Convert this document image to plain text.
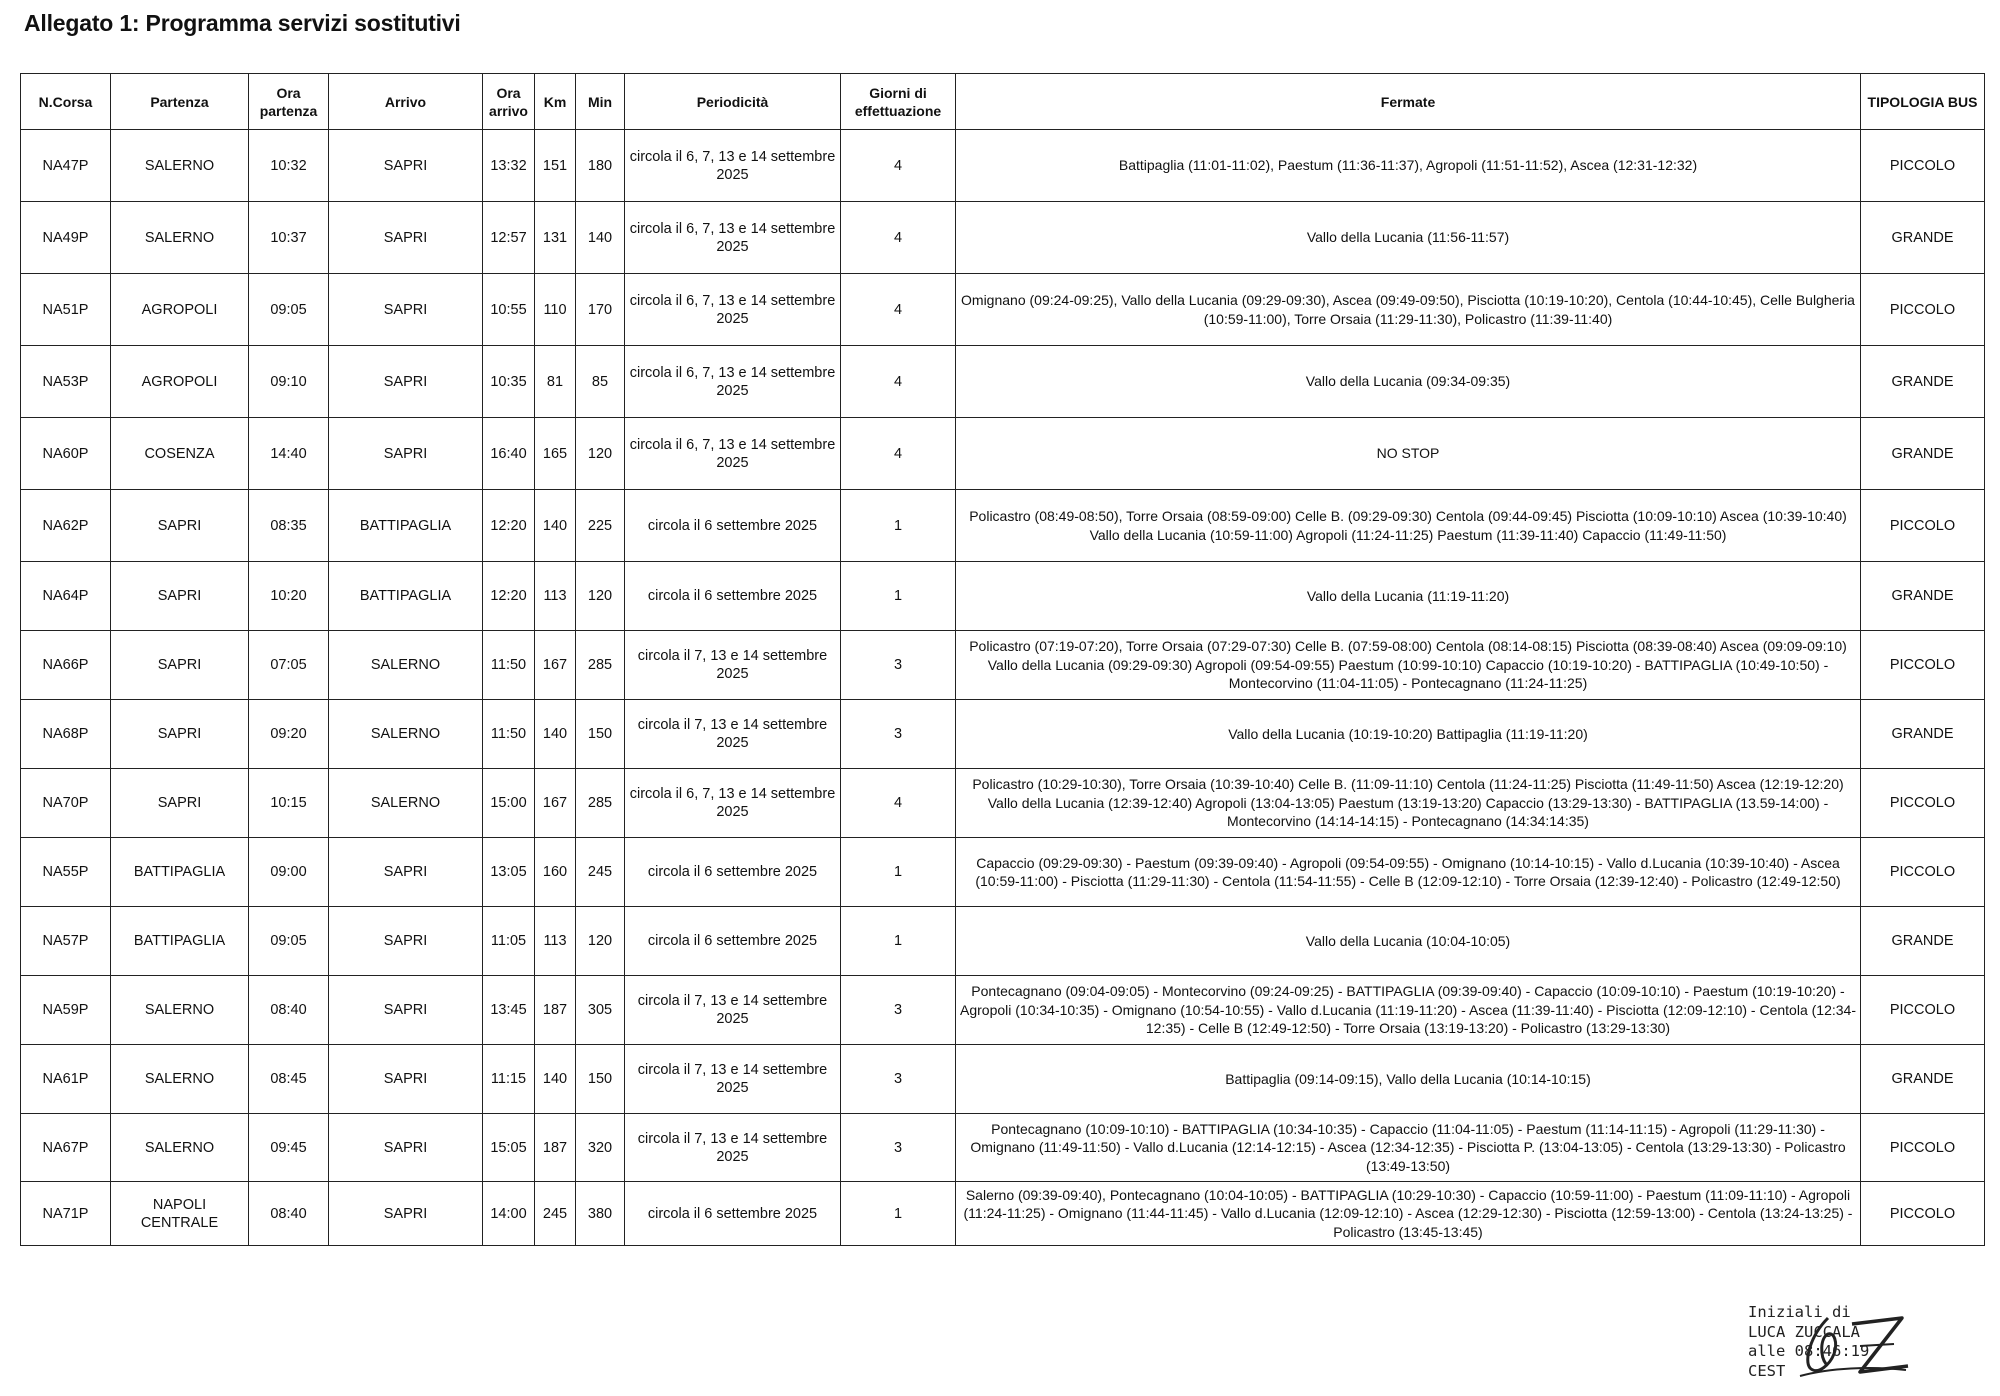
Allegato 1: Programma servizi sostitutivi
N.Corsa	Partenza	Ora partenza	Arrivo	Ora arrivo	Km	Min	Periodicità	Giorni di effettuazione	Fermate	TIPOLOGIA BUS
NA47P	SALERNO	10:32	SAPRI	13:32	151	180	circola il 6, 7, 13 e 14 settembre 2025	4	Battipaglia (11:01-11:02), Paestum (11:36-11:37), Agropoli (11:51-11:52), Ascea (12:31-12:32)	PICCOLO
NA49P	SALERNO	10:37	SAPRI	12:57	131	140	circola il 6, 7, 13 e 14 settembre 2025	4	Vallo della Lucania (11:56-11:57)	GRANDE
NA51P	AGROPOLI	09:05	SAPRI	10:55	110	170	circola il 6, 7, 13 e 14 settembre 2025	4	Omignano (09:24-09:25), Vallo della Lucania (09:29-09:30), Ascea (09:49-09:50), Pisciotta (10:19-10:20), Centola (10:44-10:45), Celle Bulgheria (10:59-11:00), Torre Orsaia (11:29-11:30), Policastro (11:39-11:40)	PICCOLO
NA53P	AGROPOLI	09:10	SAPRI	10:35	81	85	circola il 6, 7, 13 e 14 settembre 2025	4	Vallo della Lucania (09:34-09:35)	GRANDE
NA60P	COSENZA	14:40	SAPRI	16:40	165	120	circola il 6, 7, 13 e 14 settembre 2025	4	NO STOP	GRANDE
NA62P	SAPRI	08:35	BATTIPAGLIA	12:20	140	225	circola il 6 settembre 2025	1	Policastro (08:49-08:50), Torre Orsaia (08:59-09:00) Celle B. (09:29-09:30) Centola (09:44-09:45) Pisciotta (10:09-10:10) Ascea (10:39-10:40) Vallo della Lucania (10:59-11:00) Agropoli (11:24-11:25) Paestum (11:39-11:40) Capaccio (11:49-11:50)	PICCOLO
NA64P	SAPRI	10:20	BATTIPAGLIA	12:20	113	120	circola il 6 settembre 2025	1	Vallo della Lucania (11:19-11:20)	GRANDE
NA66P	SAPRI	07:05	SALERNO	11:50	167	285	circola il 7, 13 e 14 settembre 2025	3	Policastro (07:19-07:20), Torre Orsaia (07:29-07:30) Celle B. (07:59-08:00) Centola (08:14-08:15) Pisciotta (08:39-08:40) Ascea (09:09-09:10) Vallo della Lucania (09:29-09:30) Agropoli (09:54-09:55) Paestum (10:99-10:10) Capaccio (10:19-10:20) - BATTIPAGLIA (10:49-10:50) - Montecorvino (11:04-11:05) - Pontecagnano (11:24-11:25)	PICCOLO
NA68P	SAPRI	09:20	SALERNO	11:50	140	150	circola il 7, 13 e 14 settembre 2025	3	Vallo della Lucania (10:19-10:20) Battipaglia (11:19-11:20)	GRANDE
NA70P	SAPRI	10:15	SALERNO	15:00	167	285	circola il 6, 7, 13 e 14 settembre 2025	4	Policastro (10:29-10:30), Torre Orsaia (10:39-10:40) Celle B. (11:09-11:10) Centola (11:24-11:25) Pisciotta (11:49-11:50) Ascea (12:19-12:20) Vallo della Lucania (12:39-12:40) Agropoli (13:04-13:05) Paestum (13:19-13:20) Capaccio (13:29-13:30) - BATTIPAGLIA (13.59-14:00) - Montecorvino (14:14-14:15) - Pontecagnano (14:34:14:35)	PICCOLO
NA55P	BATTIPAGLIA	09:00	SAPRI	13:05	160	245	circola il 6 settembre 2025	1	Capaccio (09:29-09:30) - Paestum (09:39-09:40) - Agropoli (09:54-09:55) - Omignano (10:14-10:15) - Vallo d.Lucania (10:39-10:40) - Ascea (10:59-11:00) - Pisciotta (11:29-11:30) - Centola (11:54-11:55) - Celle B (12:09-12:10) - Torre Orsaia (12:39-12:40) - Policastro (12:49-12:50)	PICCOLO
NA57P	BATTIPAGLIA	09:05	SAPRI	11:05	113	120	circola il 6 settembre 2025	1	Vallo della Lucania (10:04-10:05)	GRANDE
NA59P	SALERNO	08:40	SAPRI	13:45	187	305	circola il 7, 13 e 14 settembre 2025	3	Pontecagnano (09:04-09:05) - Montecorvino (09:24-09:25) - BATTIPAGLIA (09:39-09:40) - Capaccio (10:09-10:10) - Paestum (10:19-10:20) - Agropoli (10:34-10:35) - Omignano (10:54-10:55) - Vallo d.Lucania (11:19-11:20) - Ascea (11:39-11:40) - Pisciotta (12:09-12:10) - Centola (12:34-12:35) - Celle B (12:49-12:50) - Torre Orsaia (13:19-13:20) - Policastro (13:29-13:30)	PICCOLO
NA61P	SALERNO	08:45	SAPRI	11:15	140	150	circola il 7, 13 e 14 settembre 2025	3	Battipaglia (09:14-09:15), Vallo della Lucania (10:14-10:15)	GRANDE
NA67P	SALERNO	09:45	SAPRI	15:05	187	320	circola il 7, 13 e 14 settembre 2025	3	Pontecagnano (10:09-10:10) - BATTIPAGLIA (10:34-10:35) - Capaccio (11:04-11:05) - Paestum (11:14-11:15) - Agropoli (11:29-11:30) - Omignano (11:49-11:50) - Vallo d.Lucania (12:14-12:15) - Ascea (12:34-12:35) - Pisciotta P. (13:04-13:05) - Centola (13:29-13:30) - Policastro (13:49-13:50)	PICCOLO
NA71P	NAPOLI CENTRALE	08:40	SAPRI	14:00	245	380	circola il 6 settembre 2025	1	Salerno (09:39-09:40), Pontecagnano (10:04-10:05) - BATTIPAGLIA (10:29-10:30) - Capaccio (10:59-11:00) - Paestum (11:09-11:10) - Agropoli (11:24-11:25) - Omignano (11:44-11:45) - Vallo d.Lucania (12:09-12:10) - Ascea (12:29-12:30) - Pisciotta (12:59-13:00) - Centola (13:24-13:25) - Policastro (13:45-13:45)	PICCOLO
Iniziali di
LUCA ZUCCALA
alle 08:46:19
CEST
